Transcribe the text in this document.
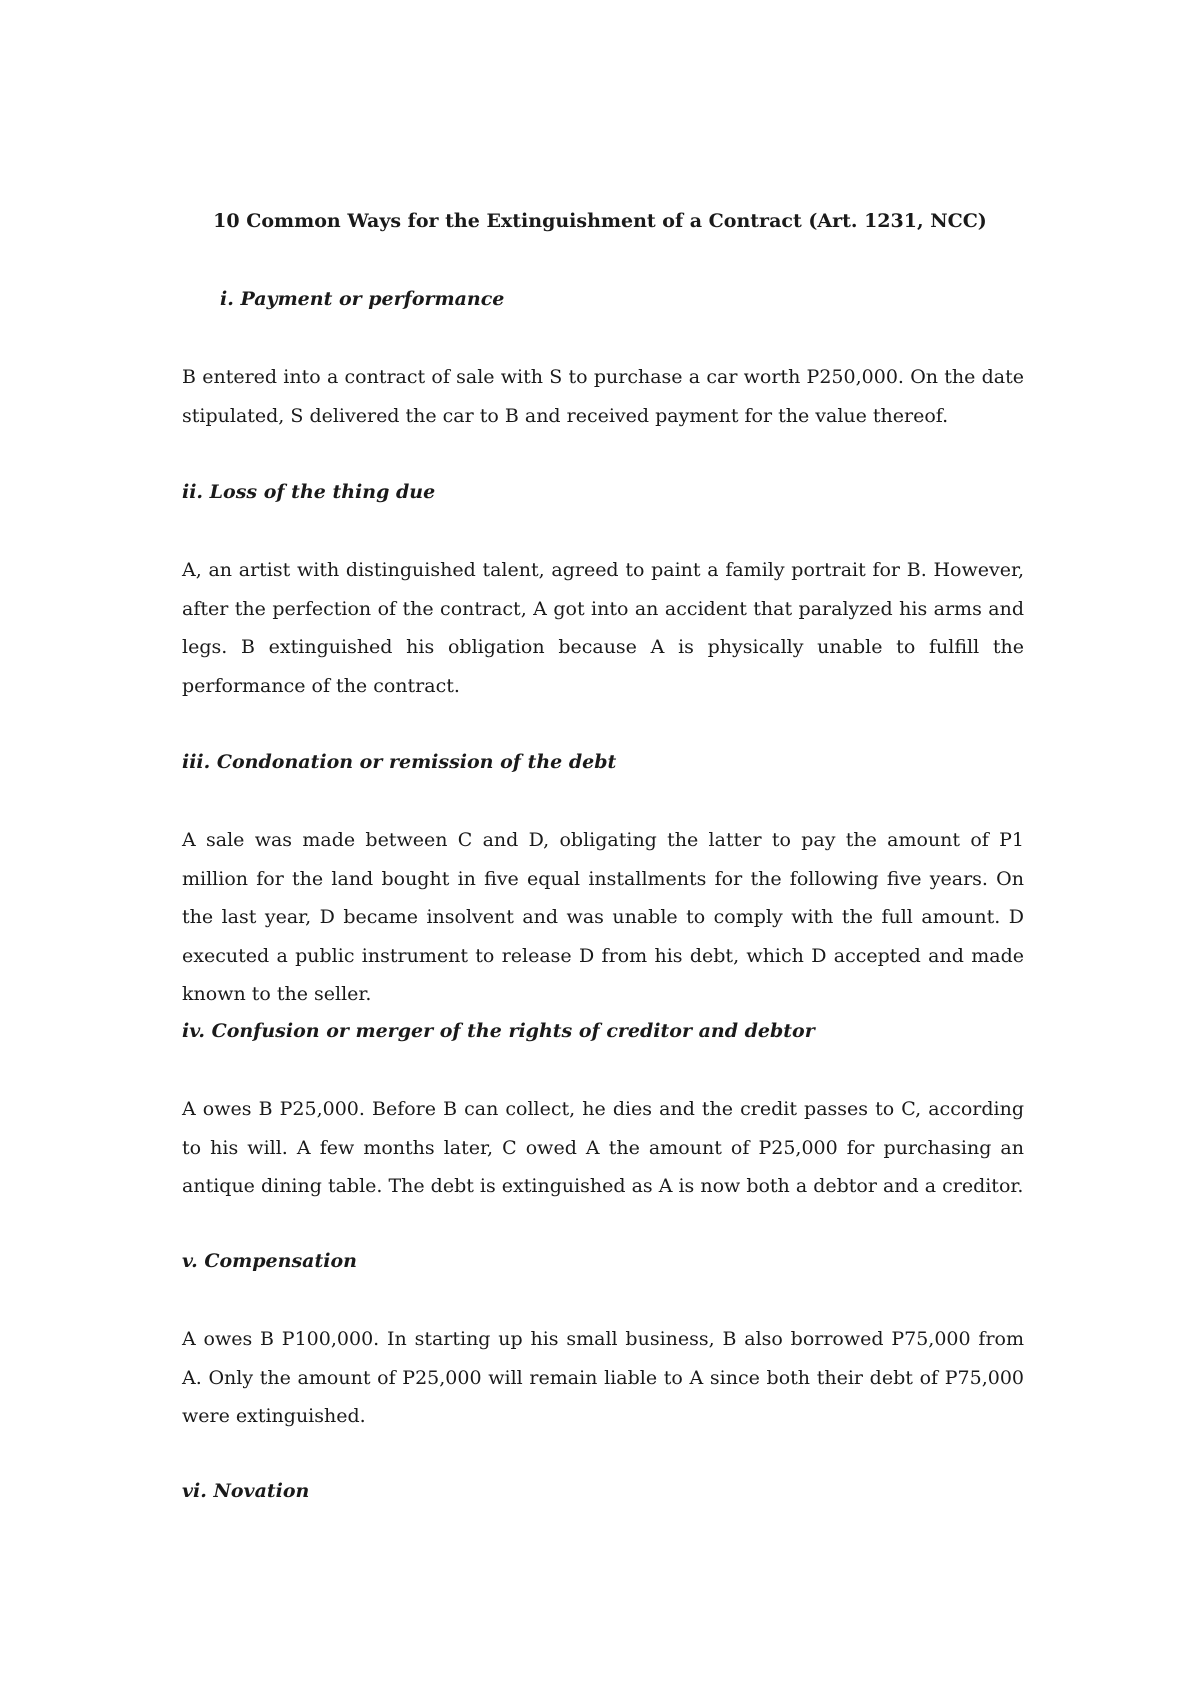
10 Common Ways for the Extinguishment of a Contract (Art. 1231, NCC)
i. Payment or performance
B entered into a contract of sale with S to purchase a car worth P250,000. On the date stipulated, S delivered the car to B and received payment for the value thereof.
ii. Loss of the thing due
A, an artist with distinguished talent, agreed to paint a family portrait for B. However, after the perfection of the contract, A got into an accident that paralyzed his arms and legs. B extinguished his obligation because A is physically unable to fulfill the performance of the contract.
iii. Condonation or remission of the debt
A sale was made between C and D, obligating the latter to pay the amount of P1 million for the land bought in five equal installments for the following five years. On the last year, D became insolvent and was unable to comply with the full amount. D executed a public instrument to release D from his debt, which D accepted and made known to the seller.
iv. Confusion or merger of the rights of creditor and debtor
A owes B P25,000. Before B can collect, he dies and the credit passes to C, according to his will. A few months later, C owed A the amount of P25,000 for purchasing an antique dining table. The debt is extinguished as A is now both a debtor and a creditor.
v. Compensation
A owes B P100,000. In starting up his small business, B also borrowed P75,000 from A. Only the amount of P25,000 will remain liable to A since both their debt of P75,000 were extinguished.
vi. Novation
